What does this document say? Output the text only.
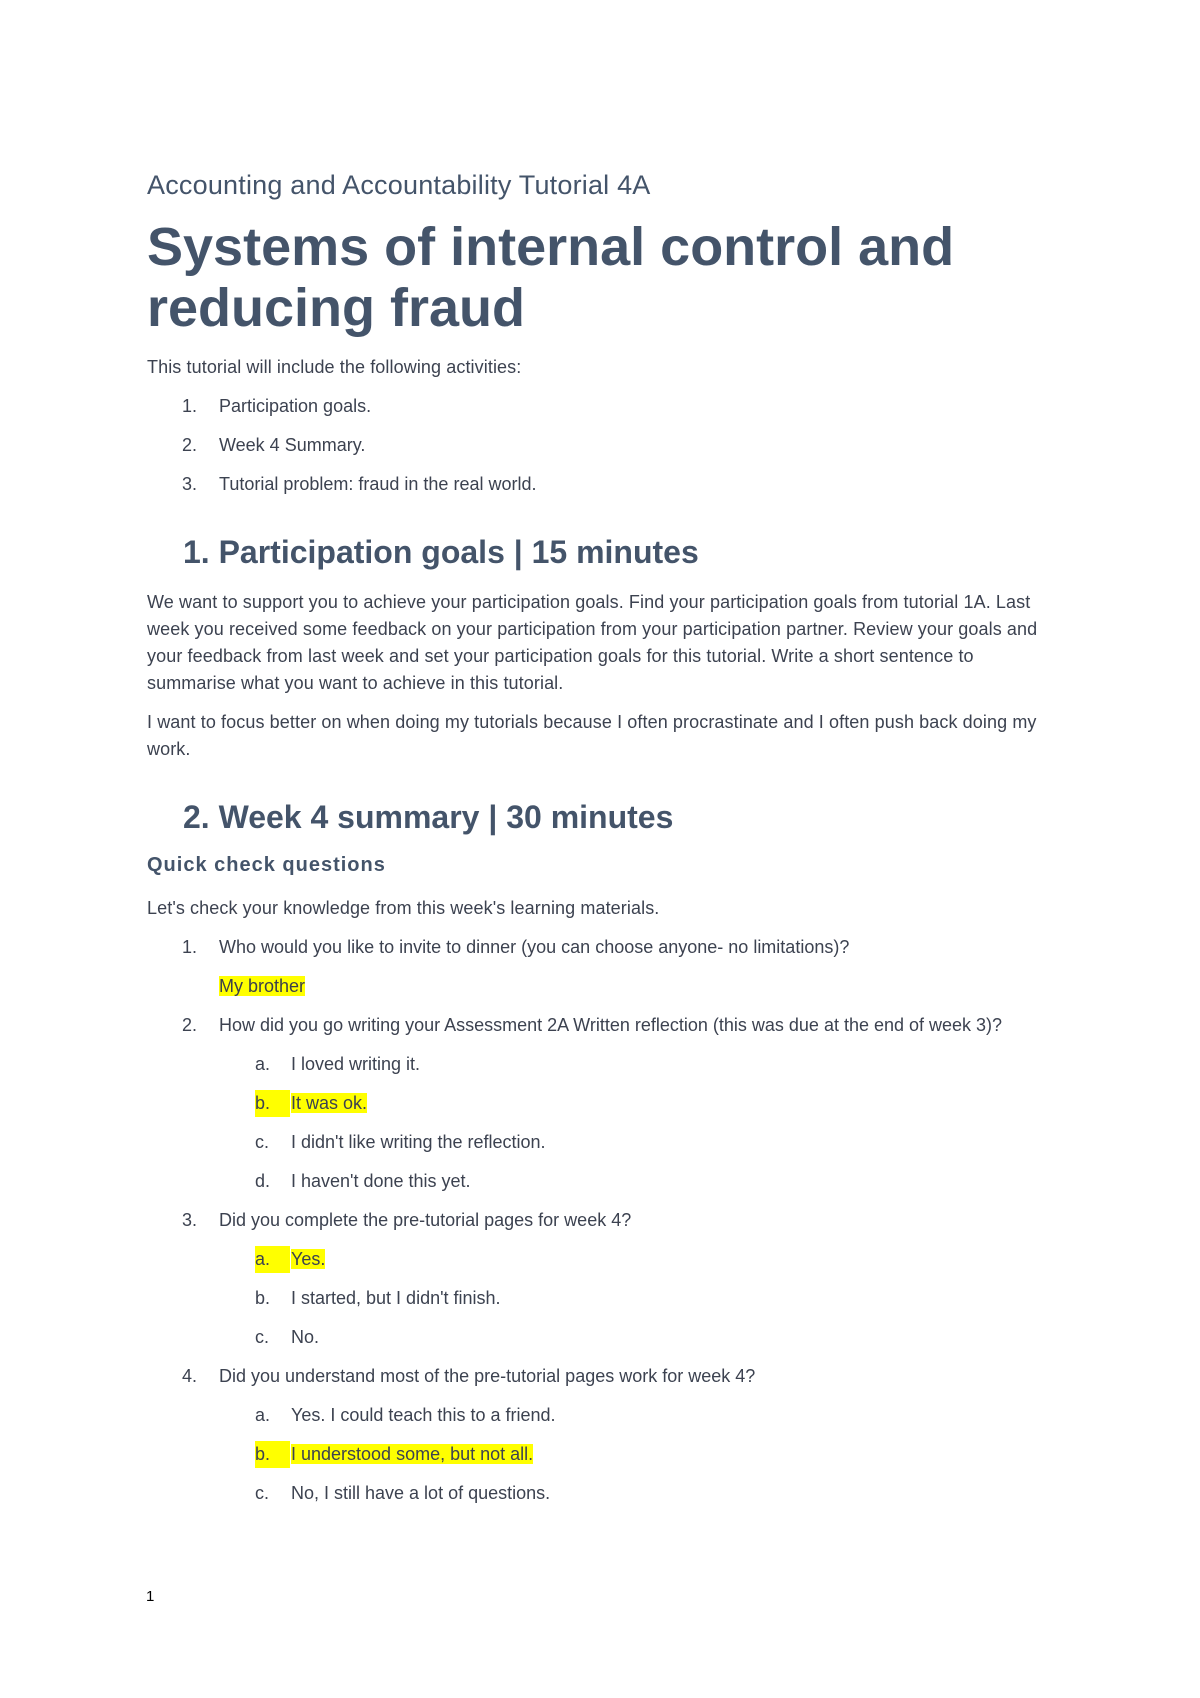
Accounting and Accountability Tutorial 4A

Systems of internal control and
reducing fraud

This tutorial will include the following activities:

1. Participation goals.
2. Week 4 Summary.
3. Tutorial problem: fraud in the real world.
1. Participation goals | 15 minutes

We want to support you to achieve your participation goals. Find your participation goals from tutorial 1A. Last week you received some feedback on your participation from your participation partner. Review your goals and your feedback from last week and set your participation goals for this tutorial. Write a short sentence to summarise what you want to achieve in this tutorial.

I want to focus better on when doing my tutorials because I often procrastinate and I often push back doing my work.

2. Week 4 summary | 30 minutes
Quick check questions

Let's check your knowledge from this week's learning materials.

1. Who would you like to invite to dinner (you can choose anyone- no limitations)?
My brother
2. How did you go writing your Assessment 2A Written reflection (this was due at the end of week 3)?
a. I loved writing it.
b.	It was ok.
c. I didn't like writing the reflection.
d. I haven't done this yet.
3. Did you complete the pre-tutorial pages for week 4?
a.	Yes.
b. I started, but I didn't finish.
c. No.
4. Did you understand most of the pre-tutorial pages work for week 4?
a. Yes. I could teach this to a friend.
b.	I understood some, but not all.
c. No, I still have a lot of questions.
1
